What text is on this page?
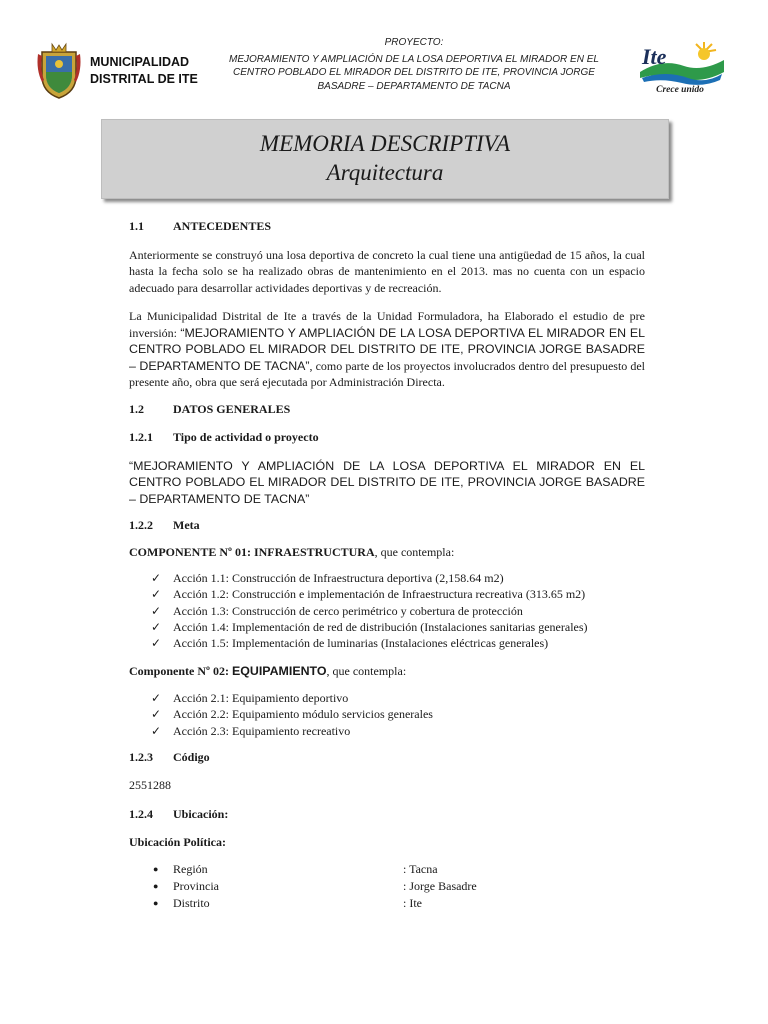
MUNICIPALIDAD
DISTRITAL DE ITE
PROYECTO:
MEJORAMIENTO Y AMPLIACIÓN DE LA LOSA DEPORTIVA EL MIRADOR EN EL
CENTRO POBLADO EL MIRADOR DEL DISTRITO DE ITE, PROVINCIA JORGE
BASADRE – DEPARTAMENTO DE TACNA
Ite
Crece unido
MEMORIA DESCRIPTIVA
Arquitectura
1.1	ANTECEDENTES

Anteriormente se construyó una losa deportiva de concreto la cual tiene una antigüedad de 15 años, la cual hasta la fecha solo se ha realizado obras de mantenimiento en el 2013. mas no cuenta con un espacio adecuado para desarrollar actividades deportivas y de recreación.

La Municipalidad Distrital de Ite a través de la Unidad Formuladora, ha Elaborado el estudio de pre inversión: “MEJORAMIENTO Y AMPLIACIÓN DE LA LOSA DEPORTIVA EL MIRADOR EN EL CENTRO POBLADO EL MIRADOR DEL DISTRITO DE ITE, PROVINCIA JORGE BASADRE – DEPARTAMENTO DE TACNA”, como parte de los proyectos involucrados dentro del presupuesto del presente año, obra que será ejecutada por Administración Directa.

1.2	DATOS GENERALES
1.2.1	Tipo de actividad o proyecto

“MEJORAMIENTO Y AMPLIACIÓN DE LA LOSA DEPORTIVA EL MIRADOR EN EL CENTRO POBLADO EL MIRADOR DEL DISTRITO DE ITE, PROVINCIA JORGE BASADRE – DEPARTAMENTO DE TACNA”

1.2.2	Meta

COMPONENTE Nº 01: INFRAESTRUCTURA, que contempla:

✓ Acción 1.1: Construcción de Infraestructura deportiva (2,158.64 m2)
✓ Acción 1.2: Construcción e implementación de Infraestructura recreativa (313.65 m2)
✓ Acción 1.3: Construcción de cerco perimétrico y cobertura de protección
✓ Acción 1.4: Implementación de red de distribución (Instalaciones sanitarias generales)
✓ Acción 1.5: Implementación de luminarias (Instalaciones eléctricas generales)

Componente Nº 02: EQUIPAMIENTO, que contempla:

✓ Acción 2.1: Equipamiento deportivo
✓ Acción 2.2: Equipamiento módulo servicios generales
✓ Acción 2.3: Equipamiento recreativo
1.2.3	Código

2551288

1.2.4	Ubicación:

Ubicación Política:

● Región	: Tacna
● Provincia	: Jorge Basadre
● Distrito	: Ite
